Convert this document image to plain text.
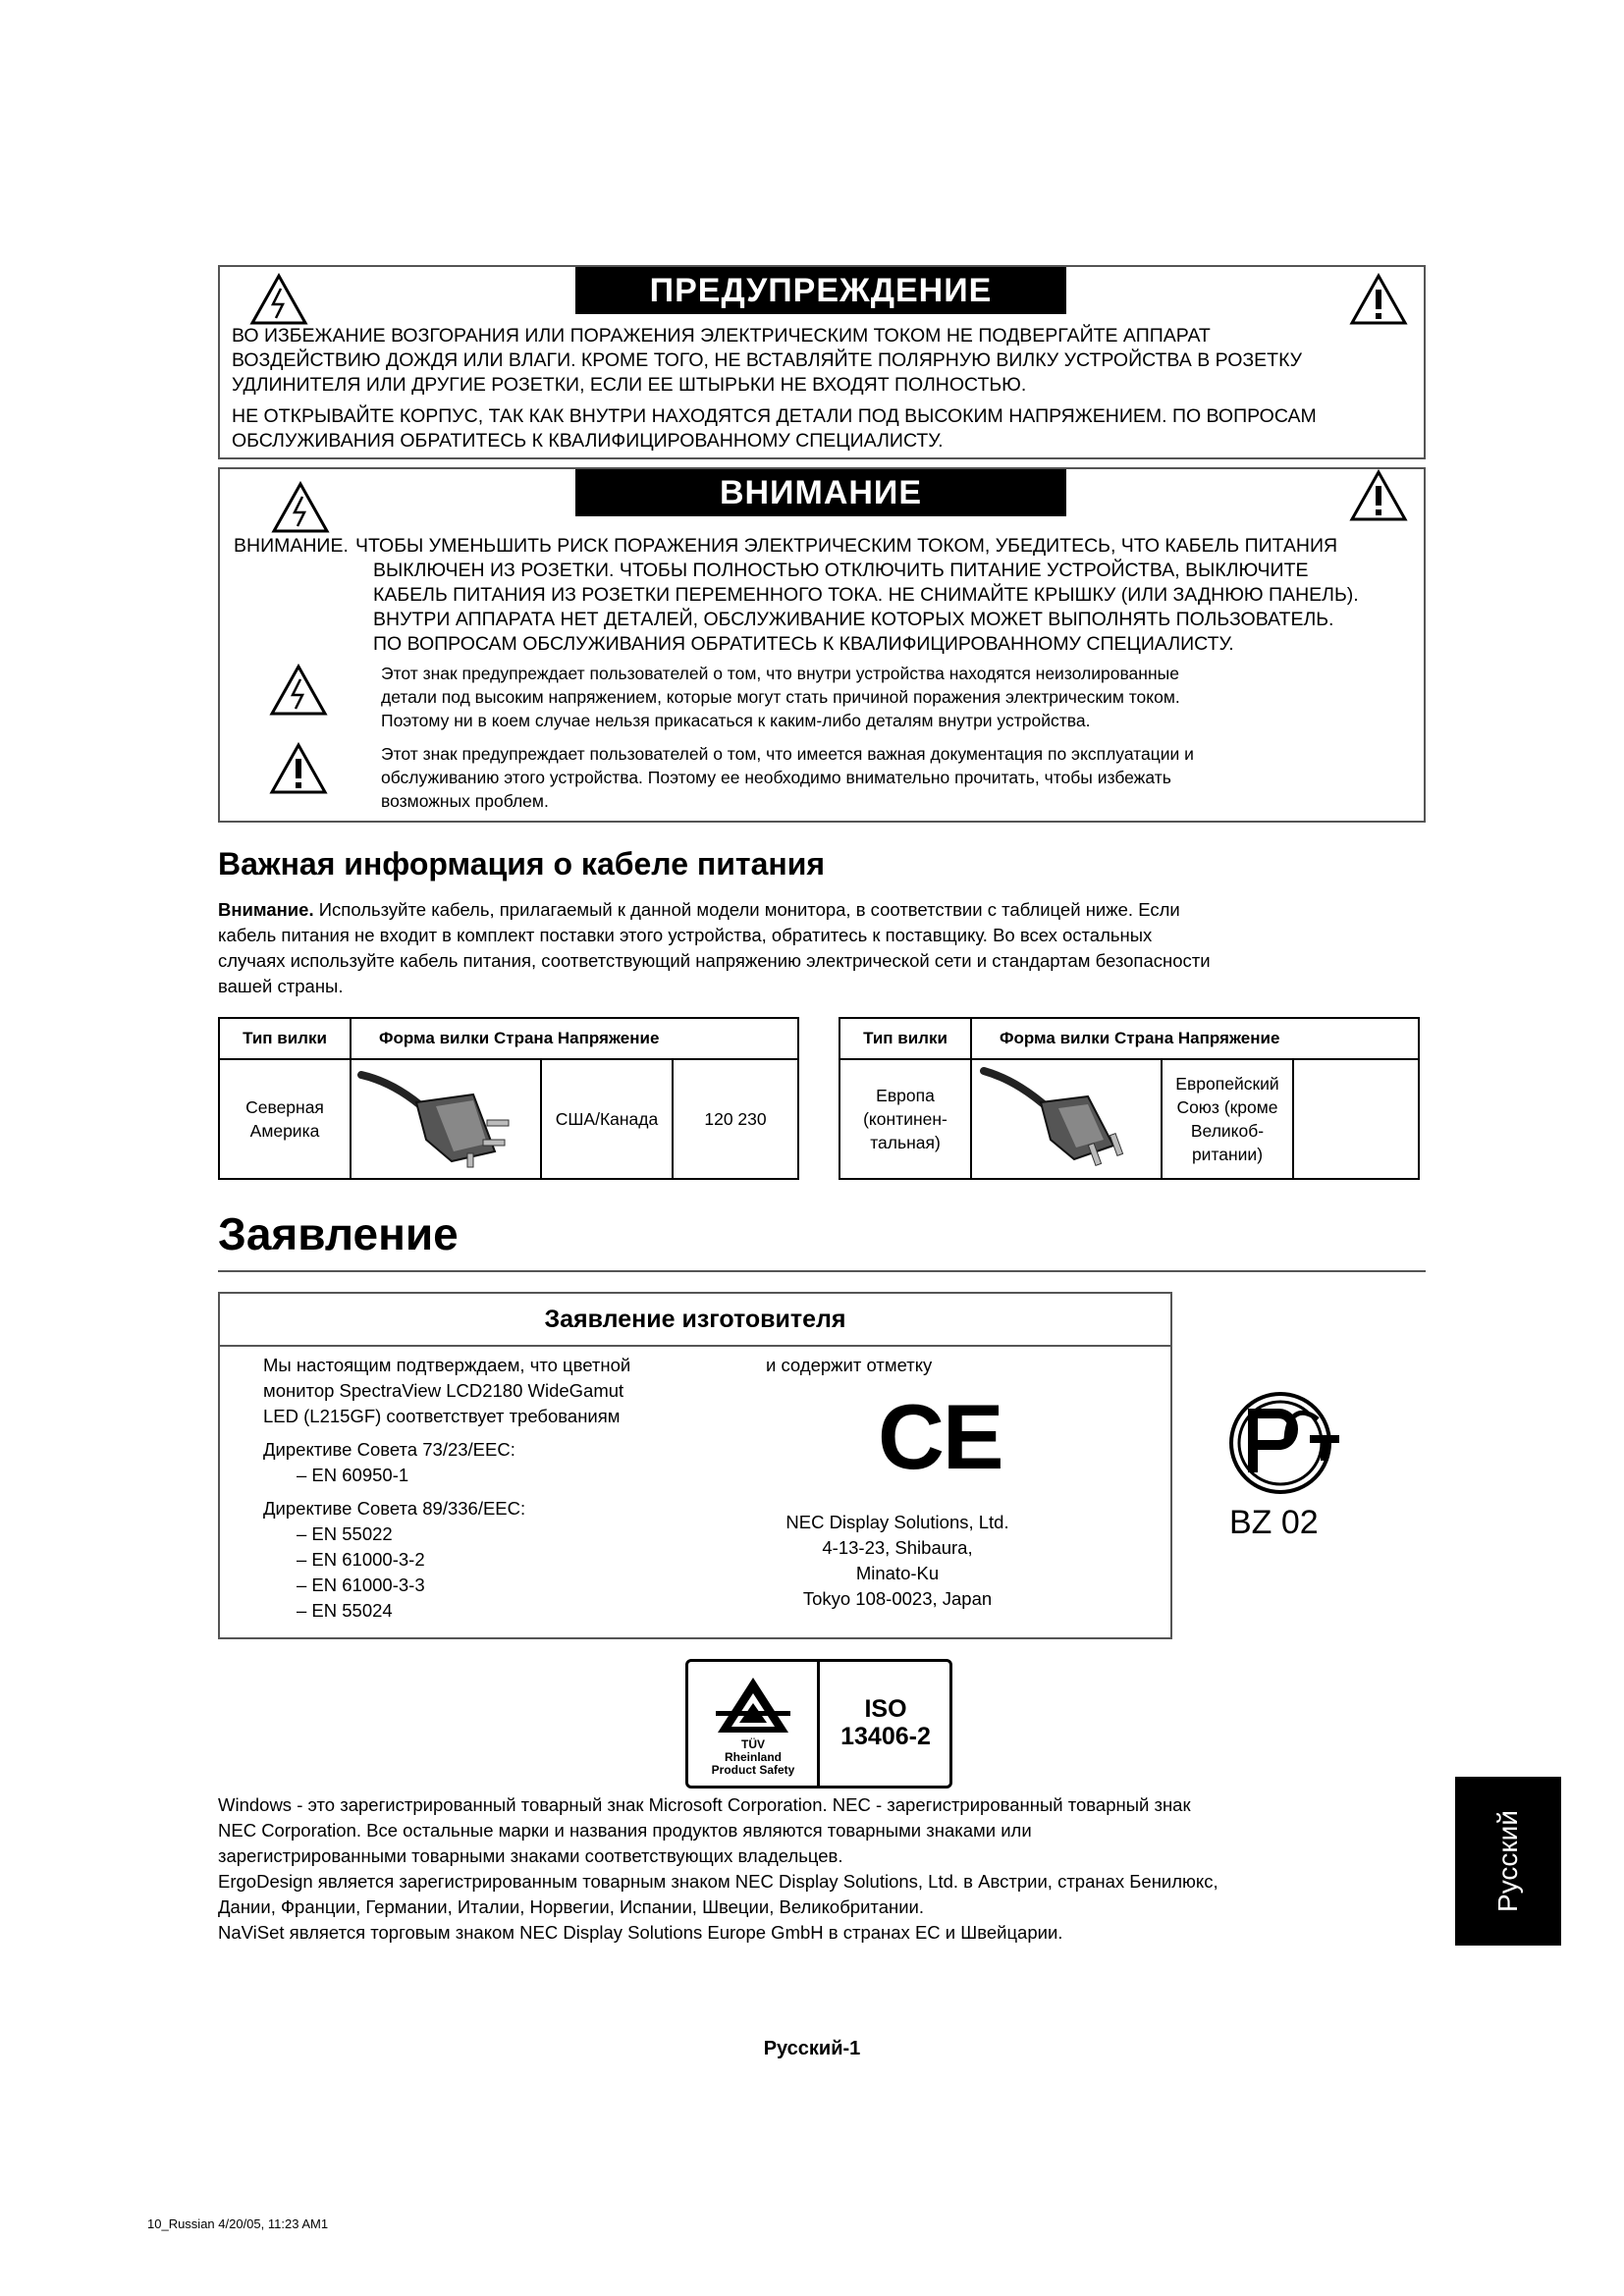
ПРЕДУПРЕЖДЕНИЕ
ВО ИЗБЕЖАНИЕ ВОЗГОРАНИЯ ИЛИ ПОРАЖЕНИЯ ЭЛЕКТРИЧЕСКИМ ТОКОМ НЕ ПОДВЕРГАЙТЕ АППАРАТ
ВОЗДЕЙСТВИЮ ДОЖДЯ ИЛИ ВЛАГИ. КРОМЕ ТОГО, НЕ ВСТАВЛЯЙТЕ ПОЛЯРНУЮ ВИЛКУ УСТРОЙСТВА В РОЗЕТКУ
УДЛИНИТЕЛЯ ИЛИ ДРУГИЕ РОЗЕТКИ, ЕСЛИ ЕЕ ШТЫРЬКИ НЕ ВХОДЯТ ПОЛНОСТЬЮ.
НЕ ОТКРЫВАЙТЕ КОРПУС, ТАК КАК ВНУТРИ НАХОДЯТСЯ ДЕТАЛИ ПОД ВЫСОКИМ НАПРЯЖЕНИЕМ. ПО ВОПРОСАМ
ОБСЛУЖИВАНИЯ ОБРАТИТЕСЬ К КВАЛИФИЦИРОВАННОМУ СПЕЦИАЛИСТУ.
ВНИМАНИЕ
ВНИМАНИЕ. ЧТОБЫ УМЕНЬШИТЬ РИСК ПОРАЖЕНИЯ ЭЛЕКТРИЧЕСКИМ ТОКОМ, УБЕДИТЕСЬ, ЧТО КАБЕЛЬ ПИТАНИЯ
ВЫКЛЮЧЕН ИЗ РОЗЕТКИ. ЧТОБЫ ПОЛНОСТЬЮ ОТКЛЮЧИТЬ ПИТАНИЕ УСТРОЙСТВА, ВЫКЛЮЧИТЕ
КАБЕЛЬ ПИТАНИЯ ИЗ РОЗЕТКИ ПЕРЕМЕННОГО ТОКА. НЕ СНИМАЙТЕ КРЫШКУ (ИЛИ ЗАДНЮЮ ПАНЕЛЬ).
ВНУТРИ АППАРАТА НЕТ ДЕТАЛЕЙ, ОБСЛУЖИВАНИЕ КОТОРЫХ МОЖЕТ ВЫПОЛНЯТЬ ПОЛЬЗОВАТЕЛЬ.
ПО ВОПРОСАМ ОБСЛУЖИВАНИЯ ОБРАТИТЕСЬ К КВАЛИФИЦИРОВАННОМУ СПЕЦИАЛИСТУ.
Этот знак предупреждает пользователей о том, что внутри устройства находятся неизолированные
детали под высоким напряжением, которые могут стать причиной поражения электрическим током.
Поэтому ни в коем случае нельзя прикасаться к каким-либо деталям внутри устройства.
Этот знак предупреждает пользователей о том, что имеется важная документация по эксплуатации и
обслуживанию этого устройства. Поэтому ее необходимо внимательно прочитать, чтобы избежать
возможных проблем.
Важная информация о кабеле питания
Внимание. Используйте кабель, прилагаемый к данной модели монитора, в соответствии с таблицей ниже. Если
кабель питания не входит в комплект поставки этого устройства, обратитесь к поставщику. Во всех остальных
случаях используйте кабель питания, соответствующий напряжению электрической сети и стандартам безопасности
вашей страны.
Тип вилки	Форма вилки Страна Напряжение		
Северная
Америка		США/Канада	120 230
Тип вилки	Форма вилки Страна Напряжение		
Европа
(континен-
тальная)		Европейский
Союз (кроме
Великоб-
ритании)	
Заявление
Заявление изготовителя
Мы настоящим подтверждаем, что цветной
монитор SpectraView LCD2180 WideGamut
LED (L215GF) соответствует требованиям
Директиве Совета 73/23/EEC:
– EN 60950-1
Директиве Совета 89/336/EEC:
– EN 55022
– EN 61000-3-2
– EN 61000-3-3
– EN 55024
и содержит отметку
CE
NEC Display Solutions, Ltd.
4-13-23, Shibaura,
Minato-Ku
Tokyo 108-0023, Japan
BZ 02
TÜV
Rheinland
Product Safety
ISO
13406-2
Windows - это зарегистрированный товарный знак Microsoft Corporation. NEC - зарегистрированный товарный знак
NEC Corporation. Все остальные марки и названия продуктов являются товарными знаками или
зарегистрированными товарными знаками соответствующих владельцев.
ErgoDesign является зарегистрированным товарным знаком NEC Display Solutions, Ltd. в Австрии, странах Бенилюкс,
Дании, Франции, Германии, Италии, Норвегии, Испании, Швеции, Великобритании.
NaViSet является торговым знаком NEC Display Solutions Europe GmbH в странах ЕС и Швейцарии.
Русский
Русский-1
10_Russian 4/20/05, 11:23 AM1
